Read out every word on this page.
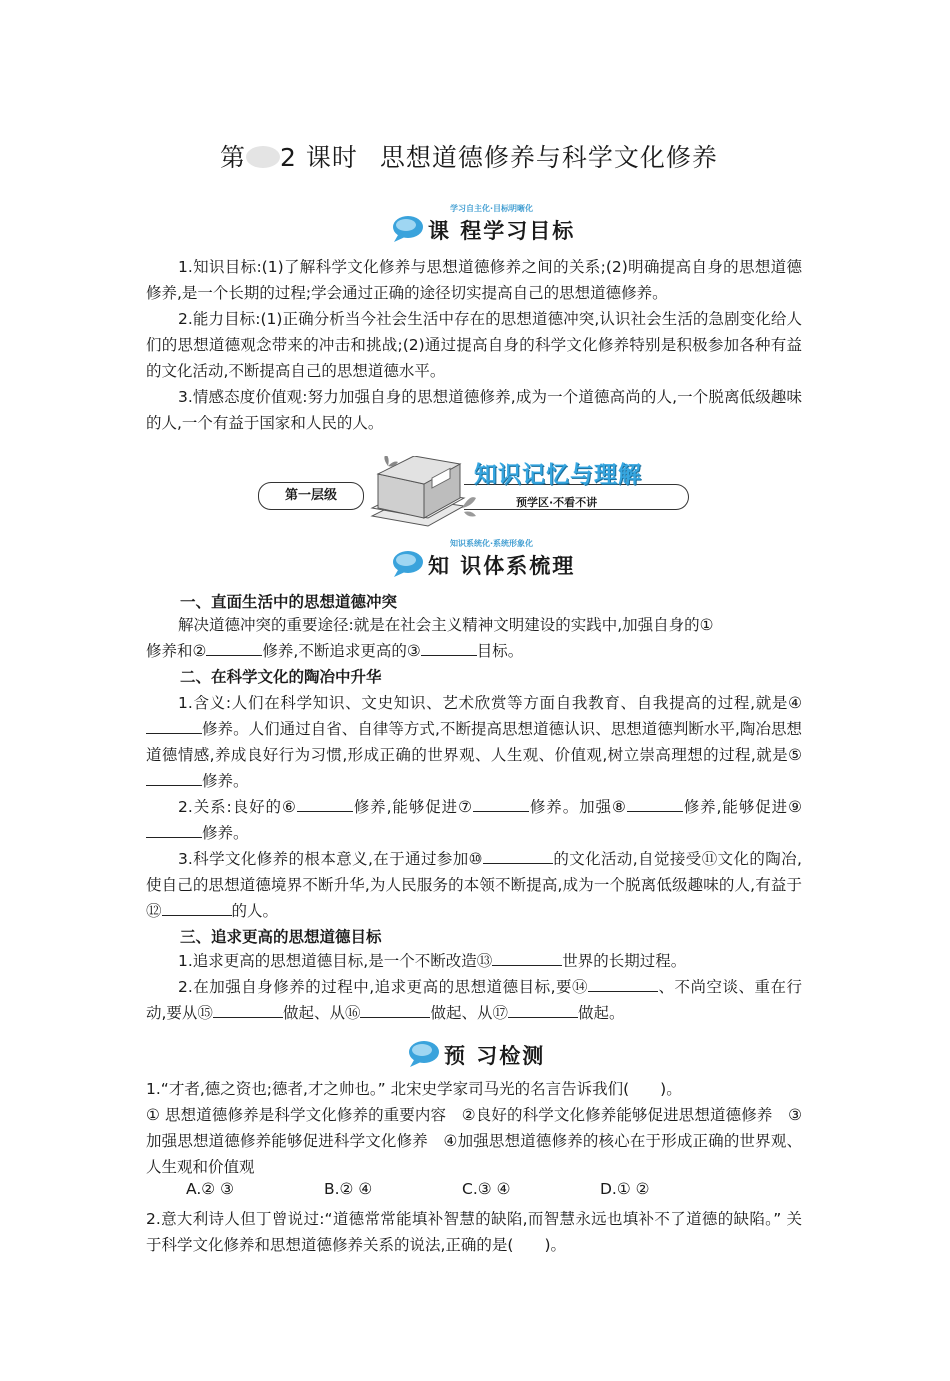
第 2 课时 思想道德修养与科学文化修养
学习自主化·目标明晰化
课 程学习目标
1.知识目标:(1)了解科学文化修养与思想道德修养之间的关系;(2)明确提高自身的思想道德修养,是一个长期的过程;学会通过正确的途径切实提高自己的思想道德修养。
2.能力目标:(1)正确分析当今社会生活中存在的思想道德冲突,认识社会生活的急剧变化给人们的思想道德观念带来的冲击和挑战;(2)通过提高自身的科学文化修养特别是积极参加各种有益的文化活动,不断提高自己的思想道德水平。
3.情感态度价值观:努力加强自身的思想道德修养,成为一个道德高尚的人,一个脱离低级趣味的人,一个有益于国家和人民的人。
第一层级
知识记忆与理解
预学区·不看不讲
知识系统化·系统形象化
知 识体系梳理
一、直面生活中的思想道德冲突
解决道德冲突的重要途径:就是在社会主义精神文明建设的实践中,加强自身的①
修养和②	修养,不断追求更高的③	目标。
二、在科学文化的陶冶中升华
1.含义:人们在科学知识、文史知识、艺术欣赏等方面自我教育、自我提高的过程,就是④修养。人们通过自省、自律等方式,不断提高思想道德认识、思想道德判断水平,陶冶思想道德情感,养成良好行为习惯,形成正确的世界观、人生观、价值观,树立崇高理想的过程,就是⑤修养。
2.关系:良好的⑥	修养,能够促进⑦	修养。加强⑧	修养,能够促进⑨修养。
3.科学文化修养的根本意义,在于通过参加⑩	的文化活动,自觉接受⑪文化的陶冶,使自己的思想道德境界不断升华,为人民服务的本领不断提高,成为一个脱离低级趣味的人,有益于⑫	的人。
三、追求更高的思想道德目标
1.追求更高的思想道德目标,是一个不断改造⑬	世界的长期过程。
2.在加强自身修养的过程中,追求更高的思想道德目标,要⑭	、不尚空谈、重在行动,要从⑮	做起、从⑯	做起、从⑰	做起。
预 习检测
1.“才者,德之资也;德者,才之帅也。” 北宋史学家司马光的名言告诉我们(　　)。
① 思想道德修养是科学文化修养的重要内容　②良好的科学文化修养能够促进思想道德修养　③加强思想道德修养能够促进科学文化修养　④加强思想道德修养的核心在于形成正确的世界观、人生观和价值观
A.② ③	B.② ④	C.③ ④	D.① ②
2.意大利诗人但丁曾说过:“道德常常能填补智慧的缺陷,而智慧永远也填补不了道德的缺陷。” 关于科学文化修养和思想道德修养关系的说法,正确的是(　　)。
